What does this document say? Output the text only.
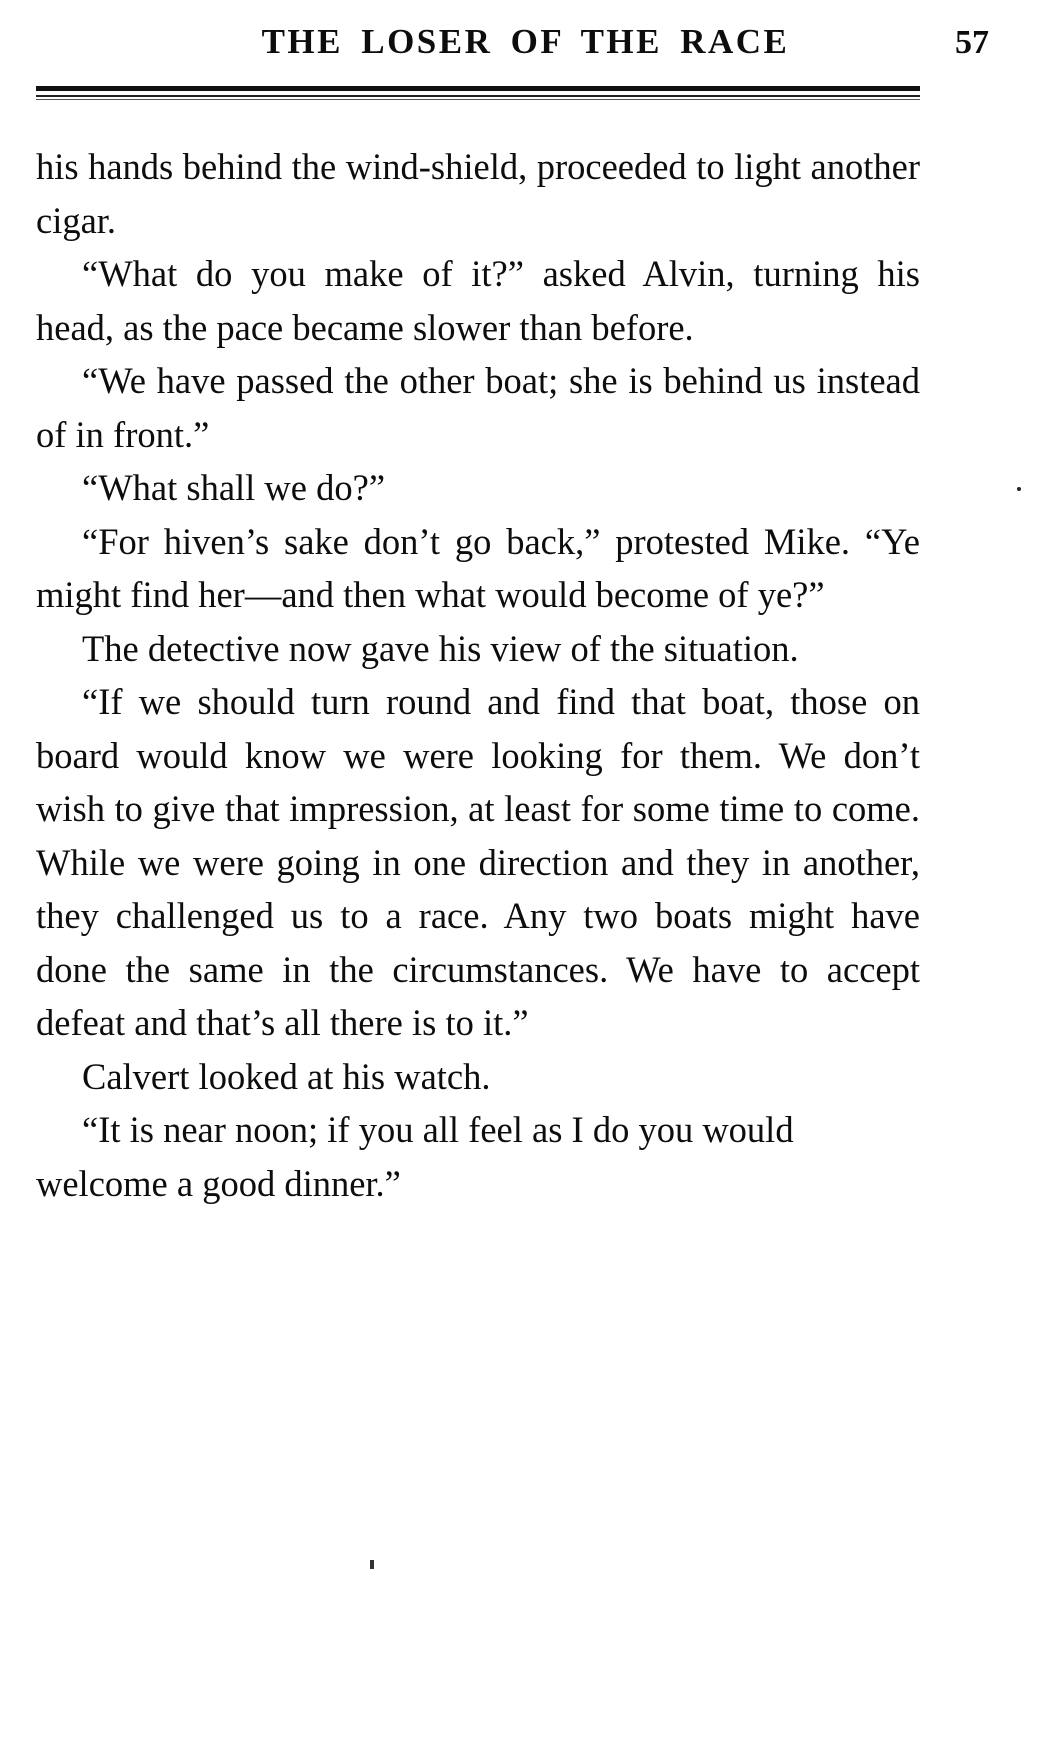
THE LOSER OF THE RACE	57

his hands behind the wind-shield, proceeded to light another cigar.

“What do you make of it?” asked Alvin, turning his head, as the pace became slower than before.

“We have passed the other boat; she is behind us instead of in front.”

“What shall we do?”

“For hiven’s sake don’t go back,” protested Mike. “Ye might find her—and then what would become of ye?”

The detective now gave his view of the situation.

“If we should turn round and find that boat, those on board would know we were looking for them. We don’t wish to give that impression, at least for some time to come. While we were going in one direction and they in another, they challenged us to a race. Any two boats might have done the same in the circumstances. We have to accept defeat and that’s all there is to it.”

Calvert looked at his watch.

“It is near noon; if you all feel as I do you would welcome a good dinner.”
